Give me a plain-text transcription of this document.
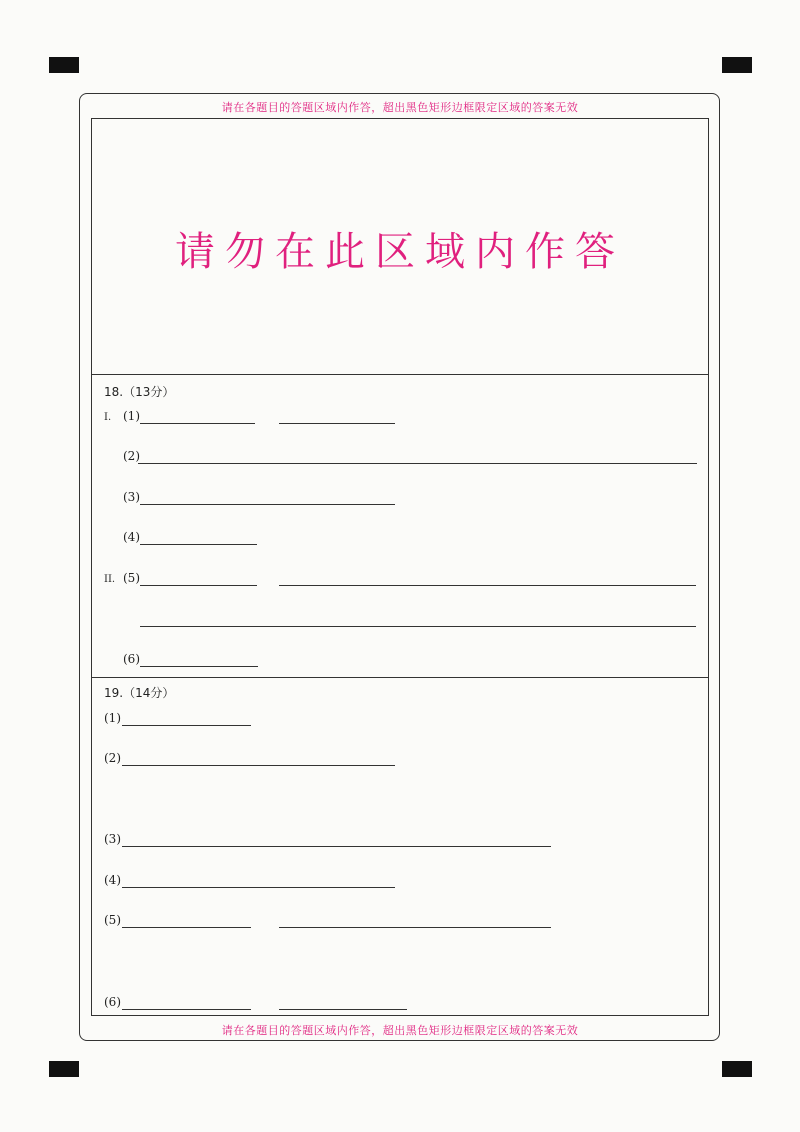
请在各题目的答题区域内作答，超出黑色矩形边框限定区域的答案无效
请在各题目的答题区域内作答，超出黑色矩形边框限定区域的答案无效
请勿在此区域内作答
18.（13分）
I. (1)
(2)
(3)
(4)
II. (5)
(6)
19.（14分）
(1)
(2)
(3)
(4)
(5)
(6)
